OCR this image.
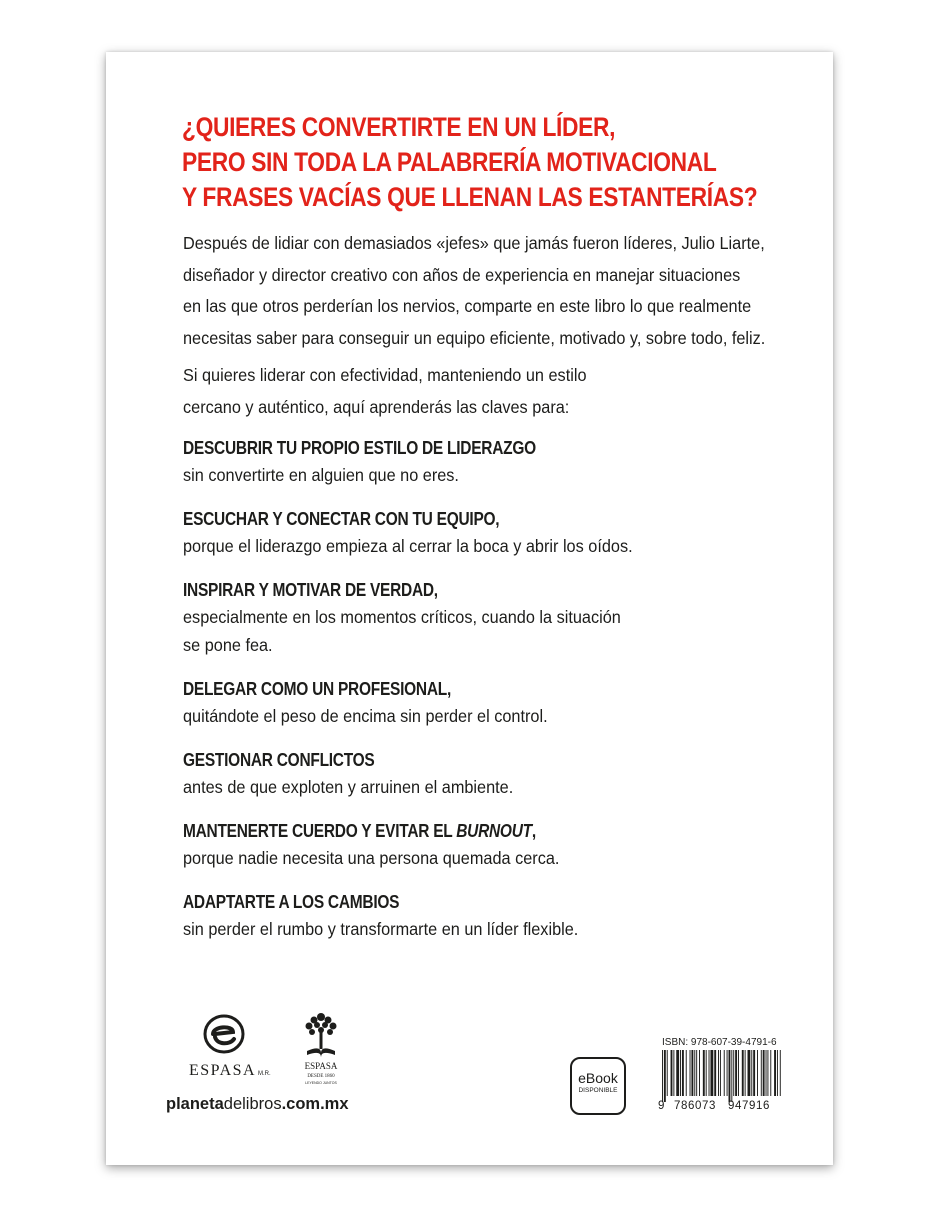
¿QUIERES CONVERTIRTE EN UN LÍDER,
PERO SIN TODA LA PALABRERÍA MOTIVACIONAL
Y FRASES VACÍAS QUE LLENAN LAS ESTANTERÍAS?
Después de lidiar con demasiados «jefes» que jamás fueron líderes, Julio Liarte,
diseñador y director creativo con años de experiencia en manejar situaciones
en las que otros perderían los nervios, comparte en este libro lo que realmente
necesitas saber para conseguir un equipo eficiente, motivado y, sobre todo, feliz.
Si quieres liderar con efectividad, manteniendo un estilo
cercano y auténtico, aquí aprenderás las claves para:
DESCUBRIR TU PROPIO ESTILO DE LIDERAZGO
sin convertirte en alguien que no eres.
ESCUCHAR Y CONECTAR CON TU EQUIPO,
porque el liderazgo empieza al cerrar la boca y abrir los oídos.
INSPIRAR Y MOTIVAR DE VERDAD,
especialmente en los momentos críticos, cuando la situación
se pone fea.
DELEGAR COMO UN PROFESIONAL,
quitándote el peso de encima sin perder el control.
GESTIONAR CONFLICTOS
antes de que exploten y arruinen el ambiente.
MANTENERTE CUERDO Y EVITAR EL BURNOUT,
porque nadie necesita una persona quemada cerca.
ADAPTARTE A LOS CAMBIOS
sin perder el rumbo y transformarte en un líder flexible.
ESPASA M.R.
ESPASA
DESDE 1860
LEYENDO JUNTOS
planetadelibros.com.mx
eBook
DISPONIBLE
ISBN: 978-607-39-4791-6
9 786073 947916
